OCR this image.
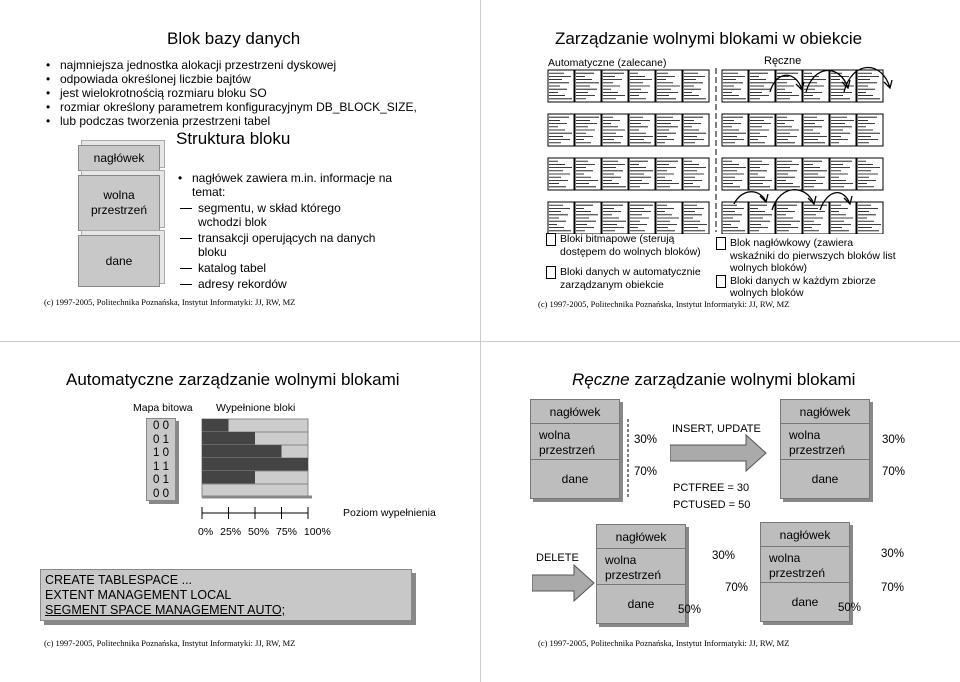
Blok bazy danych
• najmniejsza jednostka alokacji przestrzeni dyskowej
• odpowiada określonej liczbie bajtów
• jest wielokrotnością rozmiaru bloku SO
• rozmiar określony parametrem konfiguracyjnym DB_BLOCK_SIZE,
• lub podczas tworzenia przestrzeni tabel
Struktura bloku
nagłówek
wolna przestrzeń
dane
• nagłówek zawiera m.in. informacje na temat:
segmentu, w skład którego wchodzi blok
transakcji operujących na danych bloku
katalog tabel
adresy rekordów
(c) 1997-2005, Politechnika Poznańska, Instytut Informatyki: JJ, RW, MZ
Zarządzanie wolnymi blokami w obiekcie
Automatyczne (zalecane)	Ręczne
Bloki bitmapowe (sterują dostępem do wolnych bloków)
Bloki danych w automatycznie zarządzanym obiekcie
Blok nagłówkowy (zawiera wskaźniki do pierwszych bloków list wolnych bloków)
Bloki danych w każdym zbiorze wolnych bloków
(c) 1997-2005, Politechnika Poznańska, Instytut Informatyki: JJ, RW, MZ
Automatyczne zarządzanie wolnymi blokami
Mapa bitowa Wypełnione bloki
0 0
0 1
1 0
1 1
0 1
0 0
0% 25% 50% 75% 100%
Poziom wypełnienia
CREATE TABLESPACE ...
EXTENT MANAGEMENT LOCAL
SEGMENT SPACE MANAGEMENT AUTO;
(c) 1997-2005, Politechnika Poznańska, Instytut Informatyki: JJ, RW, MZ
Ręczne zarządzanie wolnymi blokami
nagłówek
wolna przestrzeń
dane
30%
70%
INSERT, UPDATE
PCTFREE = 30
PCTUSED = 50
nagłówek
wolna przestrzeń
dane
30%
70%
DELETE
nagłówek
wolna przestrzeń
dane
30%
70%
50%
nagłówek
wolna przestrzeń
dane
30%
70%
50%
(c) 1997-2005, Politechnika Poznańska, Instytut Informatyki: JJ, RW, MZ
